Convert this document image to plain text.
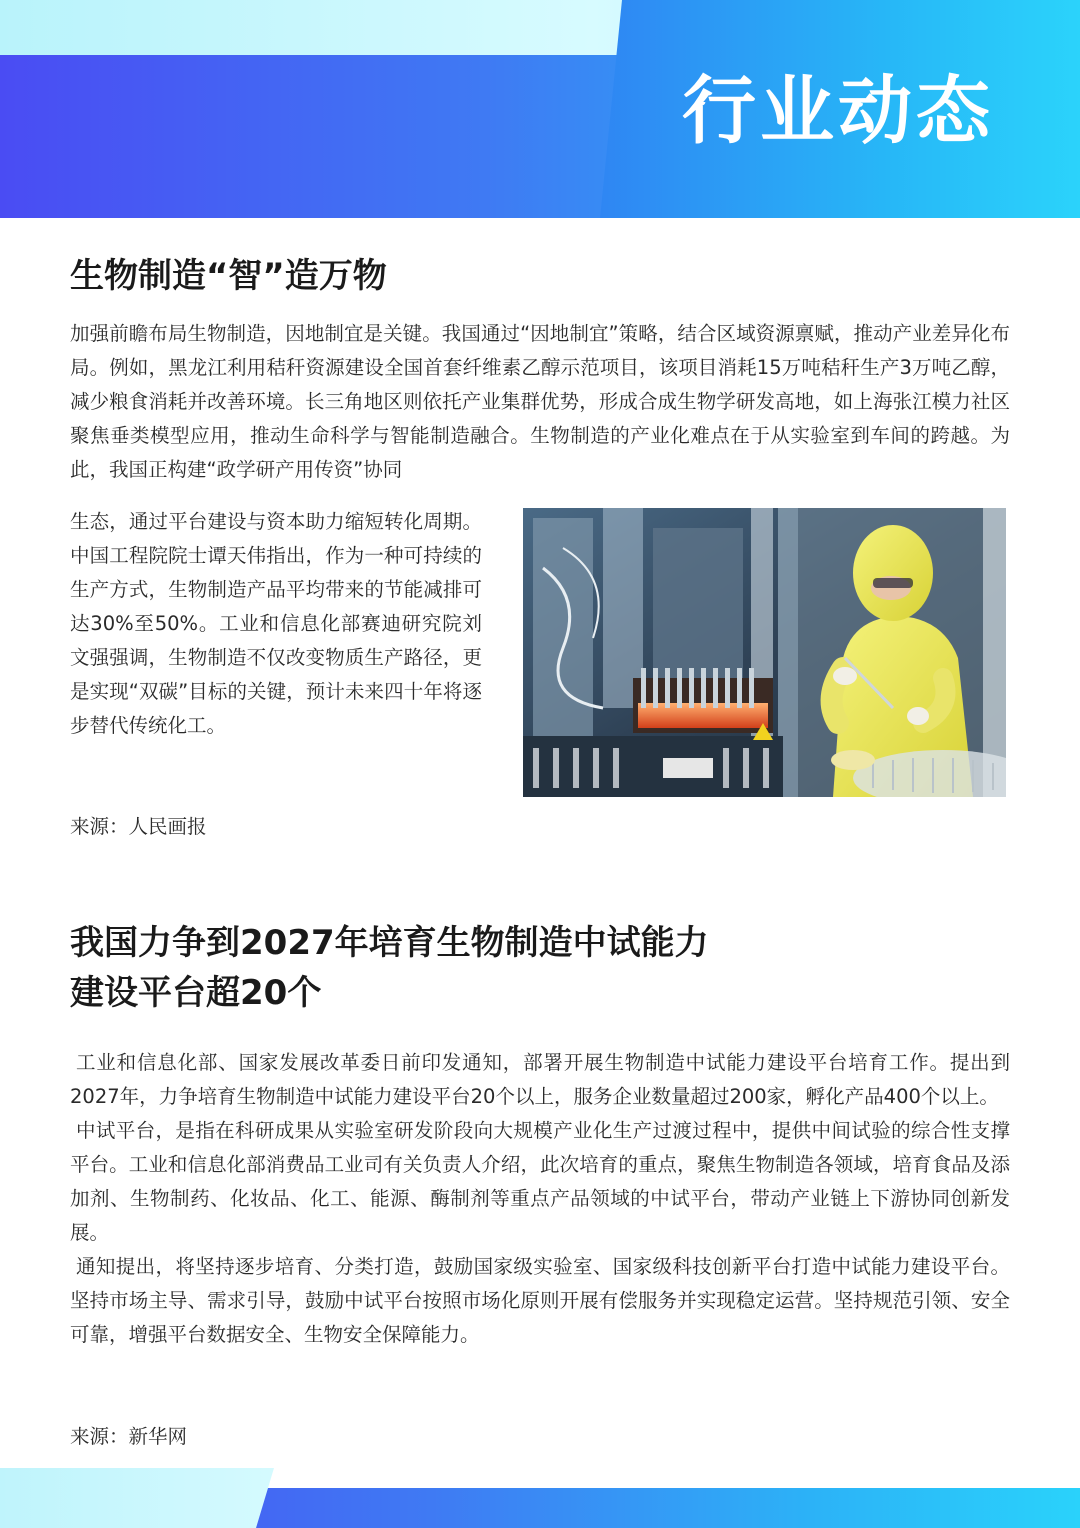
行业动态
生物制造“智”造万物

加强前瞻布局生物制造，因地制宜是关键。我国通过“因地制宜”策略，结合区域资源禀赋，推动产业差异化布局。例如，黑龙江利用秸秆资源建设全国首套纤维素乙醇示范项目，该项目消耗15万吨秸秆生产3万吨乙醇，减少粮食消耗并改善环境。长三角地区则依托产业集群优势，形成合成生物学研发高地，如上海张江模力社区聚焦垂类模型应用，推动生命科学与智能制造融合。生物制造的产业化难点在于从实验室到车间的跨越。为此，我国正构建“政学研产用传资”协同

生态，通过平台建设与资本助力缩短转化周期。中国工程院院士谭天伟指出，作为一种可持续的生产方式，生物制造产品平均带来的节能减排可达30%至50%。工业和信息化部赛迪研究院刘文强强调，生物制造不仅改变物质生产路径，更是实现“双碳”目标的关键，预计未来四十年将逐步替代传统化工。

来源：人民画报

我国力争到2027年培育生物制造中试能力
建设平台超20个

工业和信息化部、国家发展改革委日前印发通知，部署开展生物制造中试能力建设平台培育工作。提出到2027年，力争培育生物制造中试能力建设平台20个以上，服务企业数量超过200家，孵化产品400个以上。

中试平台，是指在科研成果从实验室研发阶段向大规模产业化生产过渡过程中，提供中间试验的综合性支撑平台。工业和信息化部消费品工业司有关负责人介绍，此次培育的重点，聚焦生物制造各领域，培育食品及添加剂、生物制药、化妆品、化工、能源、酶制剂等重点产品领域的中试平台，带动产业链上下游协同创新发展。

通知提出，将坚持逐步培育、分类打造，鼓励国家级实验室、国家级科技创新平台打造中试能力建设平台。坚持市场主导、需求引导，鼓励中试平台按照市场化原则开展有偿服务并实现稳定运营。坚持规范引领、安全可靠，增强平台数据安全、生物安全保障能力。

来源：新华网
